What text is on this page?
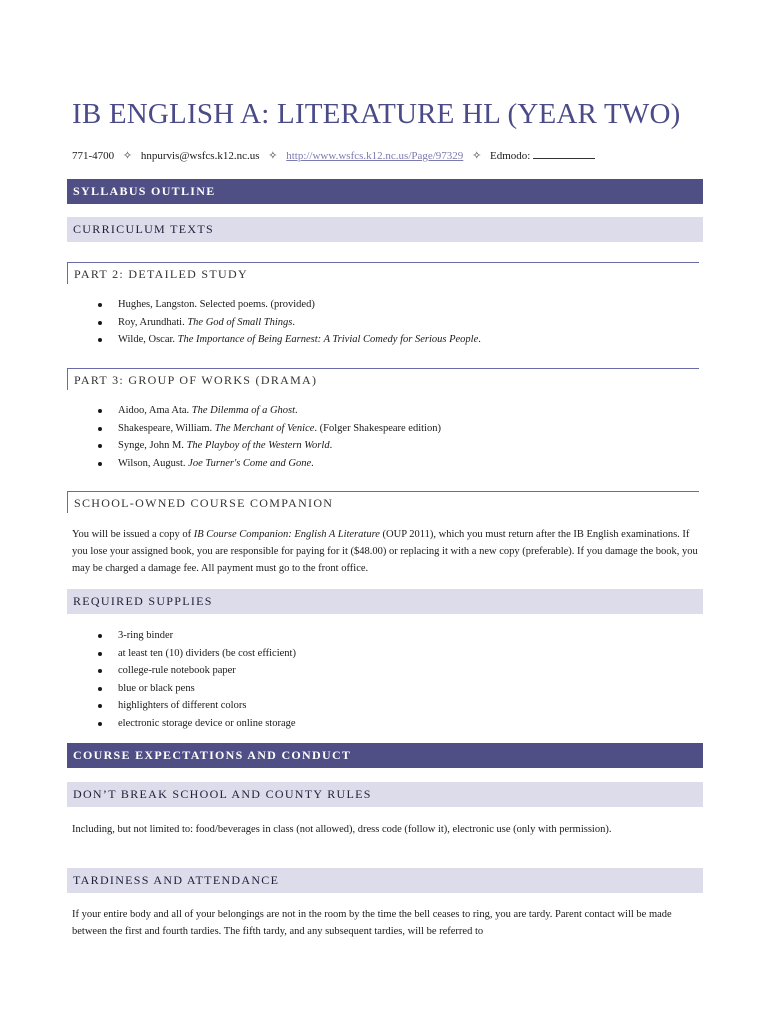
IB ENGLISH A: LITERATURE HL (YEAR TWO)
771-4700 ✧ hnpurvis@wsfcs.k12.nc.us ✧ http://www.wsfcs.k12.nc.us/Page/97329 ✧ Edmodo:
SYLLABUS OUTLINE
CURRICULUM TEXTS
PART 2: DETAILED STUDY
Hughes, Langston. Selected poems. (provided)
Roy, Arundhati. The God of Small Things.
Wilde, Oscar. The Importance of Being Earnest: A Trivial Comedy for Serious People.
PART 3: GROUP OF WORKS (DRAMA)
Aidoo, Ama Ata. The Dilemma of a Ghost.
Shakespeare, William. The Merchant of Venice. (Folger Shakespeare edition)
Synge, John M. The Playboy of the Western World.
Wilson, August. Joe Turner's Come and Gone.
SCHOOL-OWNED COURSE COMPANION

You will be issued a copy of IB Course Companion: English A Literature (OUP 2011), which you must return after the IB English examinations. If you lose your assigned book, you are responsible for paying for it ($48.00) or replacing it with a new copy (preferable). If you damage the book, you may be charged a damage fee. All payment must go to the front office.

REQUIRED SUPPLIES
3-ring binder
at least ten (10) dividers (be cost efficient)
college-rule notebook paper
blue or black pens
highlighters of different colors
electronic storage device or online storage
COURSE EXPECTATIONS AND CONDUCT
DON’T BREAK SCHOOL AND COUNTY RULES

Including, but not limited to: food/beverages in class (not allowed), dress code (follow it), electronic use (only with permission).

TARDINESS AND ATTENDANCE

If your entire body and all of your belongings are not in the room by the time the bell ceases to ring, you are tardy. Parent contact will be made between the first and fourth tardies. The fifth tardy, and any subsequent tardies, will be referred to
